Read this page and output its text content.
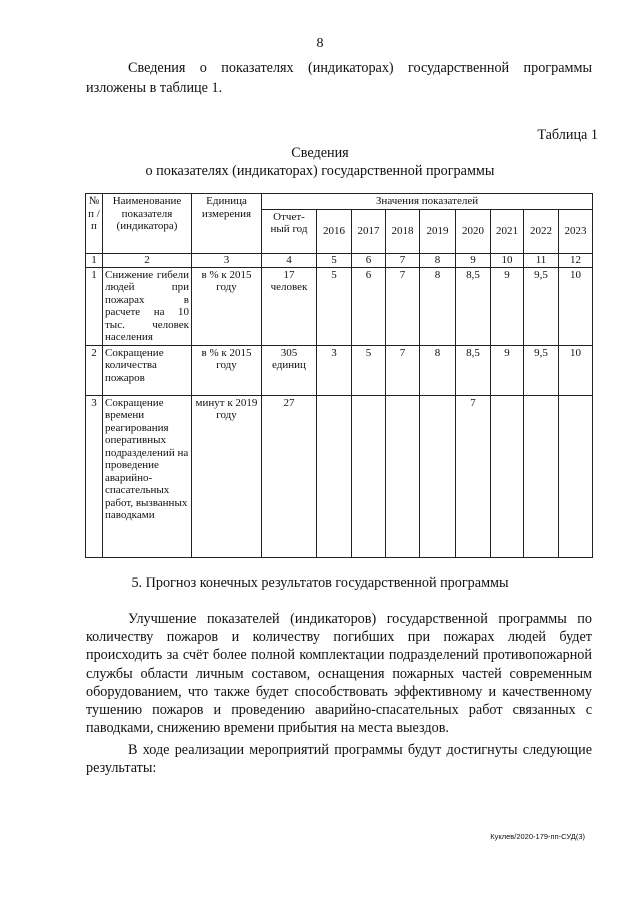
8
Сведения о показателях (индикаторах) государственной программы изложены в таблице 1.
Таблица 1
Сведения
о показателях (индикаторах) государственной программы
№ п /п	Наименование показателя (индикатора)	Единица измерения	Значения показателей								
			Отчет-ный год	2016	2017	2018	2019	2020	2021	2022	2023
1	2	3	4	5	6	7	8	9	10	11	12
1	Снижение гибели людей при пожарах в расчете на 10 тыс. человек населения	в % к 2015 году	17 человек	5	6	7	8	8,5	9	9,5	10
2	Сокращение количества пожаров	в % к 2015 году	305 единиц	3	5	7	8	8,5	9	9,5	10
3	Сокращение времени реагирования оперативных подразделений на проведение аварийно-спасательных работ, вызванных паводками	минут к 2019 году	27					7			
5. Прогноз конечных результатов государственной программы
Улучшение показателей (индикаторов) государственной программы по количеству пожаров и количеству погибших при пожарах людей будет происходить за счёт более полной комплектации подразделений противопожарной службы области личным составом, оснащения пожарных частей современным оборудованием, что также будет способствовать эффективному и качественному тушению пожаров и проведению аварийно-спасательных работ связанных с паводками, снижению времени прибытия на места выездов.
В ходе реализации мероприятий программы будут достигнуты следующие результаты:
Куклев/2020-179-пп-СУД(3)
